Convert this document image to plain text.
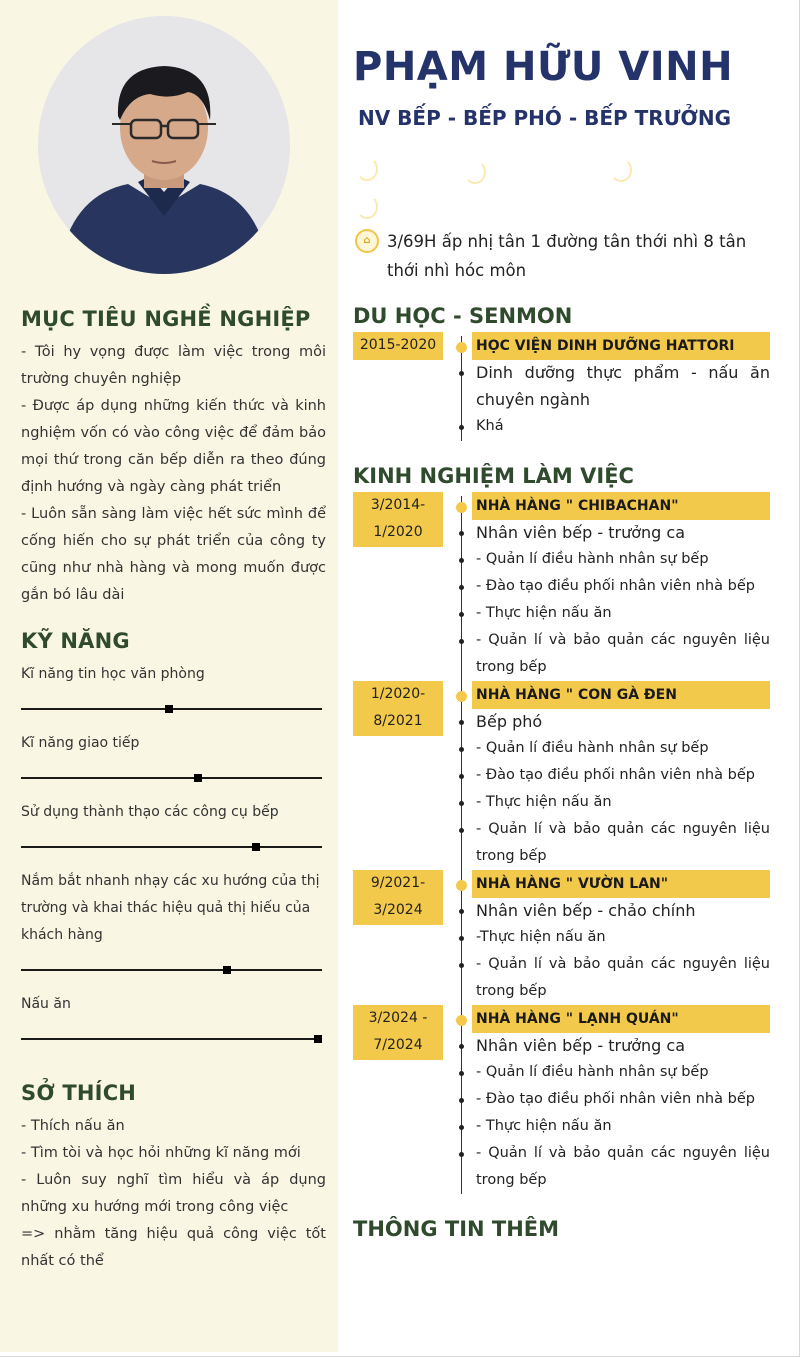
MỤC TIÊU NGHỀ NGHIỆP
- Tôi hy vọng được làm việc trong môi trường chuyên nghiệp
- Được áp dụng những kiến thức và kinh nghiệm vốn có vào công việc để đảm bảo mọi thứ trong căn bếp diễn ra theo đúng định hướng và ngày càng phát triển
- Luôn sẵn sàng làm việc hết sức mình để cống hiến cho sự phát triển của công ty cũng như nhà hàng và mong muốn được gắn bó lâu dài
KỸ NĂNG
Kĩ năng tin học văn phòng
Kĩ năng giao tiếp
Sử dụng thành thạo các công cụ bếp
Nắm bắt nhanh nhạy các xu hướng của thị trường và khai thác hiệu quả thị hiếu của khách hàng
Nấu ăn
SỞ THÍCH
- Thích nấu ăn
- Tìm tòi và học hỏi những kĩ năng mới
- Luôn suy nghĩ tìm hiểu và áp dụng những xu hướng mới trong công việc
=> nhằm tăng hiệu quả công việc tốt nhất có thể
PHẠM HỮU VINH
NV BẾP - BẾP PHÓ - BẾP TRƯỞNG
⌂ 3/69H ấp nhị tân 1 đường tân thới nhì 8 tân thới nhì hóc môn
DU HỌC - SENMON
2015-2020	HỌC VIỆN DINH DƯỠNG HATTORI
Dinh dưỡng thực phẩm - nấu ăn chuyên ngành
Khá
KINH NGHIỆM LÀM VIỆC
3/2014-
1/2020
NHÀ HÀNG " CHIBACHAN"
Nhân viên bếp - trưởng ca
- Quản lí điều hành nhân sự bếp
- Đào tạo điều phối nhân viên nhà bếp
- Thực hiện nấu ăn
- Quản lí và bảo quản các nguyên liệu trong bếp
1/2020-
8/2021
NHÀ HÀNG " CON GÀ ĐEN
Bếp phó
- Quản lí điều hành nhân sự bếp
- Đào tạo điều phối nhân viên nhà bếp
- Thực hiện nấu ăn
- Quản lí và bảo quản các nguyên liệu trong bếp
9/2021-
3/2024
NHÀ HÀNG " VƯỜN LAN"
Nhân viên bếp - chảo chính
-Thực hiện nấu ăn
- Quản lí và bảo quản các nguyên liệu trong bếp
3/2024 -
7/2024
NHÀ HÀNG " LẠNH QUÁN"
Nhân viên bếp - trưởng ca
- Quản lí điều hành nhân sự bếp
- Đào tạo điều phối nhân viên nhà bếp
- Thực hiện nấu ăn
- Quản lí và bảo quản các nguyên liệu trong bếp
THÔNG TIN THÊM
